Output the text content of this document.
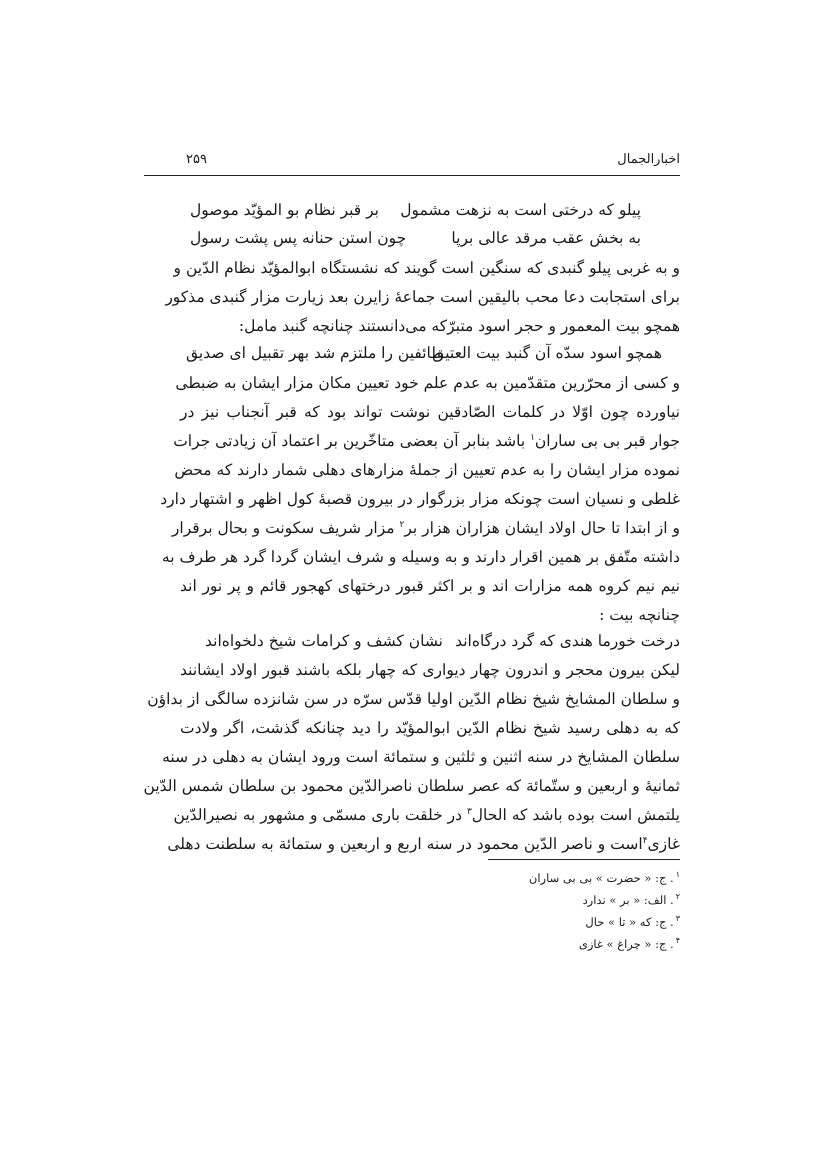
اخبارالجمال
۲۵۹
پیلو که درختی است به نزهت مشمول
بر قبر نظام بو المؤیّد موصول
به بخش عقب مرقد عالی برپا
چون استن حنانه پس پشت رسول
و به غربی پیلو گنبدی که سنگین است گویند که نشستگاه ابوالمؤیّد نظام الدّین و
برای استجابت دعا محب بالیقین است جماعهٔ زایرن بعد زیارت مزار گنبدی مذکور
همچو بیت المعمور و حجر اسود متبرّکه می‌دانستند چنانچه گنبد مامل:
همچو اسود سدّه آن گنبد بیت العتیق
طائفین را ملتزم شد بهر تقبیل ای صدیق
و کسی از محرّرین متقدّمین به عدم علم خود تعیین مکان مزار ایشان به ضبطی
نیاورده چون اوّلا در کلمات الصّادقین نوشت تواند بود که قبر آنجناب نیز در
جوار قبر بی بی ساران$^۱$ باشد بنابر آن بعضی متاخّرین بر اعتماد آن زیادتی جرات
نموده مزار ایشان را به عدم تعیین از جملهٔ مزارهای دهلی شمار دارند که محض
غلطی و نسیان است چونکه مزار بزرگوار در بیرون قصبهٔ کول اظهر و اشتهار دارد
و از ابتدا تا حال اولاد ایشان هزاران هزار بر$^۲$ مزار شریف سکونت و بحال برقرار
داشته متّفق بر همین اقرار دارند و به وسیله و شرف ایشان گردا گرد هر طرف به
نیم نیم کروه همه مزارات اند و بر اکثر قبور درختهای کهجور قائم و پر نور اند
چنانچه بیت :
درخت خورما هندی که گرد درگاه‌اند
نشان کشف و کرامات شیخ دلخواه‌اند
لیکن بیرون محجر و اندرون چهار دیواری که چهار بلکه باشند قبور اولاد ایشانند
و سلطان المشایخ شیخ نظام الدّین اولیا قدّس سرّه در سن شانزده سالگی از بداؤن
که به دهلی رسید شیخ نظام الدّین ابوالمؤیّد را دید چنانکه گذشت، اگر ولادت
سلطان المشایخ در سنه اثنین و ثلثین و ستمائة است ورود ایشان به دهلی در سنه
ثمانیهٔ و اربعین و ستّمائة که عصر سلطان ناصرالدّین محمود بن سلطان شمس الدّین
یلتمش است بوده باشد که الحال$^۳$ در خلقت باری مسمّی و مشهور به نصیرالدّین
غازی$^۴$است و ناصر الدّین محمود در سنه اربع و اربعین و ستمائة به سلطنت دهلی
$^۱$. ج: « حضرت » بی بی ساران
$^۲$. الف: « بر » ندارد
$^۳$. ج: که « تا » حال
$^۴$. ج: « چراغ » غازی
